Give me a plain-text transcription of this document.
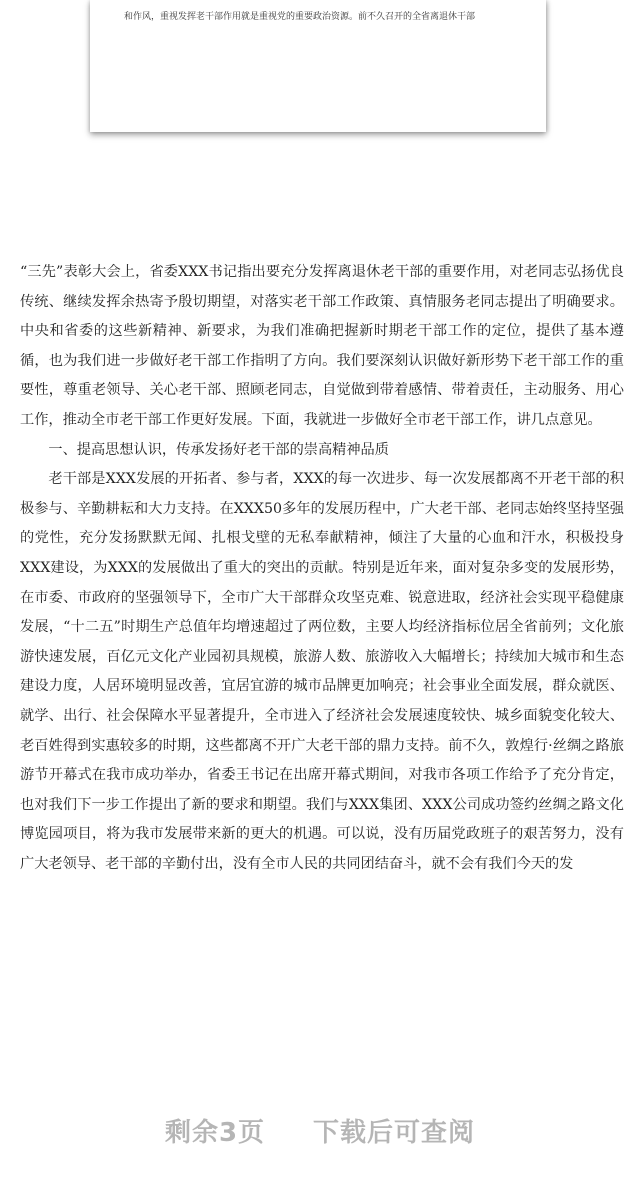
和作风，重视发挥老干部作用就是重视党的重要政治资源。前不久召开的全省离退休干部

“三先”表彰大会上，省委XXX书记指出要充分发挥离退休老干部的重要作用，对老同志弘扬优良传统、继续发挥余热寄予殷切期望，对落实老干部工作政策、真情服务老同志提出了明确要求。中央和省委的这些新精神、新要求，为我们准确把握新时期老干部工作的定位，提供了基本遵循，也为我们进一步做好老干部工作指明了方向。我们要深刻认识做好新形势下老干部工作的重要性，尊重老领导、关心老干部、照顾老同志，自觉做到带着感情、带着责任，主动服务、用心工作，推动全市老干部工作更好发展。下面，我就进一步做好全市老干部工作，讲几点意见。

一、提高思想认识，传承发扬好老干部的崇高精神品质

老干部是XXX发展的开拓者、参与者，XXX的每一次进步、每一次发展都离不开老干部的积极参与、辛勤耕耘和大力支持。在XXX50多年的发展历程中，广大老干部、老同志始终坚持坚强的党性，充分发扬默默无闻、扎根戈壁的无私奉献精神，倾注了大量的心血和汗水，积极投身XXX建设，为XXX的发展做出了重大的突出的贡献。特别是近年来，面对复杂多变的发展形势，在市委、市政府的坚强领导下，全市广大干部群众攻坚克难、锐意进取，经济社会实现平稳健康发展，“十二五”时期生产总值年均增速超过了两位数，主要人均经济指标位居全省前列；文化旅游快速发展，百亿元文化产业园初具规模，旅游人数、旅游收入大幅增长；持续加大城市和生态建设力度，人居环境明显改善，宜居宜游的城市品牌更加响亮；社会事业全面发展，群众就医、就学、出行、社会保障水平显著提升，全市进入了经济社会发展速度较快、城乡面貌变化较大、老百姓得到实惠较多的时期，这些都离不开广大老干部的鼎力支持。前不久，敦煌行·丝绸之路旅游节开幕式在我市成功举办，省委王书记在出席开幕式期间，对我市各项工作给予了充分肯定，也对我们下一步工作提出了新的要求和期望。我们与XXX集团、XXX公司成功签约丝绸之路文化博览园项目，将为我市发展带来新的更大的机遇。可以说，没有历届党政班子的艰苦努力，没有广大老领导、老干部的辛勤付出，没有全市人民的共同团结奋斗，就不会有我们今天的发

剩余3页 下载后可查阅
